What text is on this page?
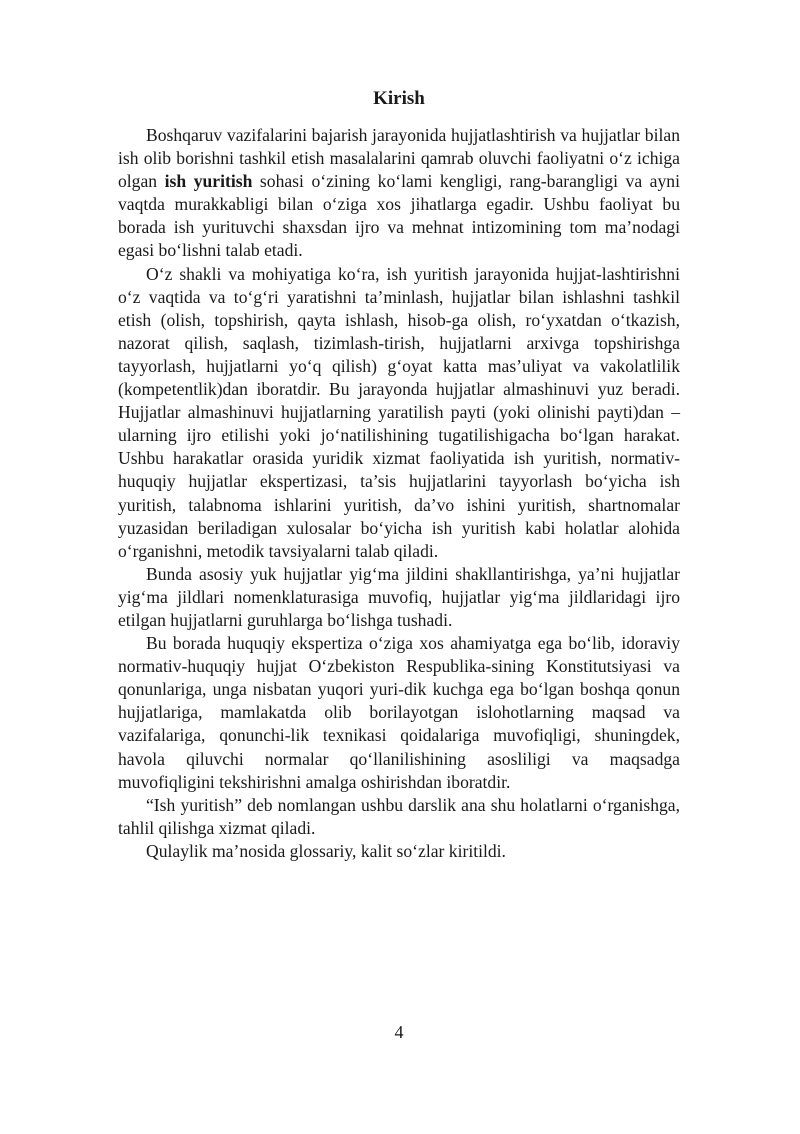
Kirish

Boshqaruv vazifalarini bajarish jarayonida hujjatlashtirish va hujjatlar bilan ish olib borishni tashkil etish masalalarini qamrab oluvchi faoliyatni o‘z ichiga olgan ish yuritish sohasi o‘zining ko‘lami kengligi, rang-barangligi va ayni vaqtda murakkabligi bilan o‘ziga xos jihatlarga egadir. Ushbu faoliyat bu borada ish yurituvchi shaxsdan ijro va mehnat intizomining tom ma’nodagi egasi bo‘lishni talab etadi.

O‘z shakli va mohiyatiga ko‘ra, ish yuritish jarayonida hujjat-lashtirishni o‘z vaqtida va to‘g‘ri yaratishni ta’minlash, hujjatlar bilan ishlashni tashkil etish (olish, topshirish, qayta ishlash, hisob-ga olish, ro‘yxatdan o‘tkazish, nazorat qilish, saqlash, tizimlash-tirish, hujjatlarni arxivga topshirishga tayyorlash, hujjatlarni yo‘q qilish) g‘oyat katta mas’uliyat va vakolatlilik (kompetentlik)dan iboratdir. Bu jarayonda hujjatlar almashinuvi yuz beradi. Hujjatlar almashinuvi hujjatlarning yaratilish payti (yoki olinishi payti)dan – ularning ijro etilishi yoki jo‘natilishining tugatilishigacha bo‘lgan harakat. Ushbu harakatlar orasida yuridik xizmat faoliyatida ish yuritish, normativ-huquqiy hujjatlar ekspertizasi, ta’sis hujjatlarini tayyorlash bo‘yicha ish yuritish, talabnoma ishlarini yuritish, da’vo ishini yuritish, shartnomalar yuzasidan beriladigan xulosalar bo‘yicha ish yuritish kabi holatlar alohida o‘rganishni, metodik tavsiyalarni talab qiladi.

Bunda asosiy yuk hujjatlar yig‘ma jildini shakllantirishga, ya’ni hujjatlar yig‘ma jildlari nomenklaturasiga muvofiq, hujjatlar yig‘ma jildlaridagi ijro etilgan hujjatlarni guruhlarga bo‘lishga tushadi.

Bu borada huquqiy ekspertiza o‘ziga xos ahamiyatga ega bo‘lib, idoraviy normativ-huquqiy hujjat O‘zbekiston Respublika-sining Konstitutsiyasi va qonunlariga, unga nisbatan yuqori yuri-dik kuchga ega bo‘lgan boshqa qonun hujjatlariga, mamlakatda olib borilayotgan islohotlarning maqsad va vazifalariga, qonunchi-lik texnikasi qoidalariga muvofiqligi, shuningdek, havola qiluvchi normalar qo‘llanilishining asosliligi va maqsadga muvofiqligini tekshirishni amalga oshirishdan iboratdir.

“Ish yuritish” deb nomlangan ushbu darslik ana shu holatlarni o‘rganishga, tahlil qilishga xizmat qiladi.

Qulaylik ma’nosida glossariy, kalit so‘zlar kiritildi.

4
